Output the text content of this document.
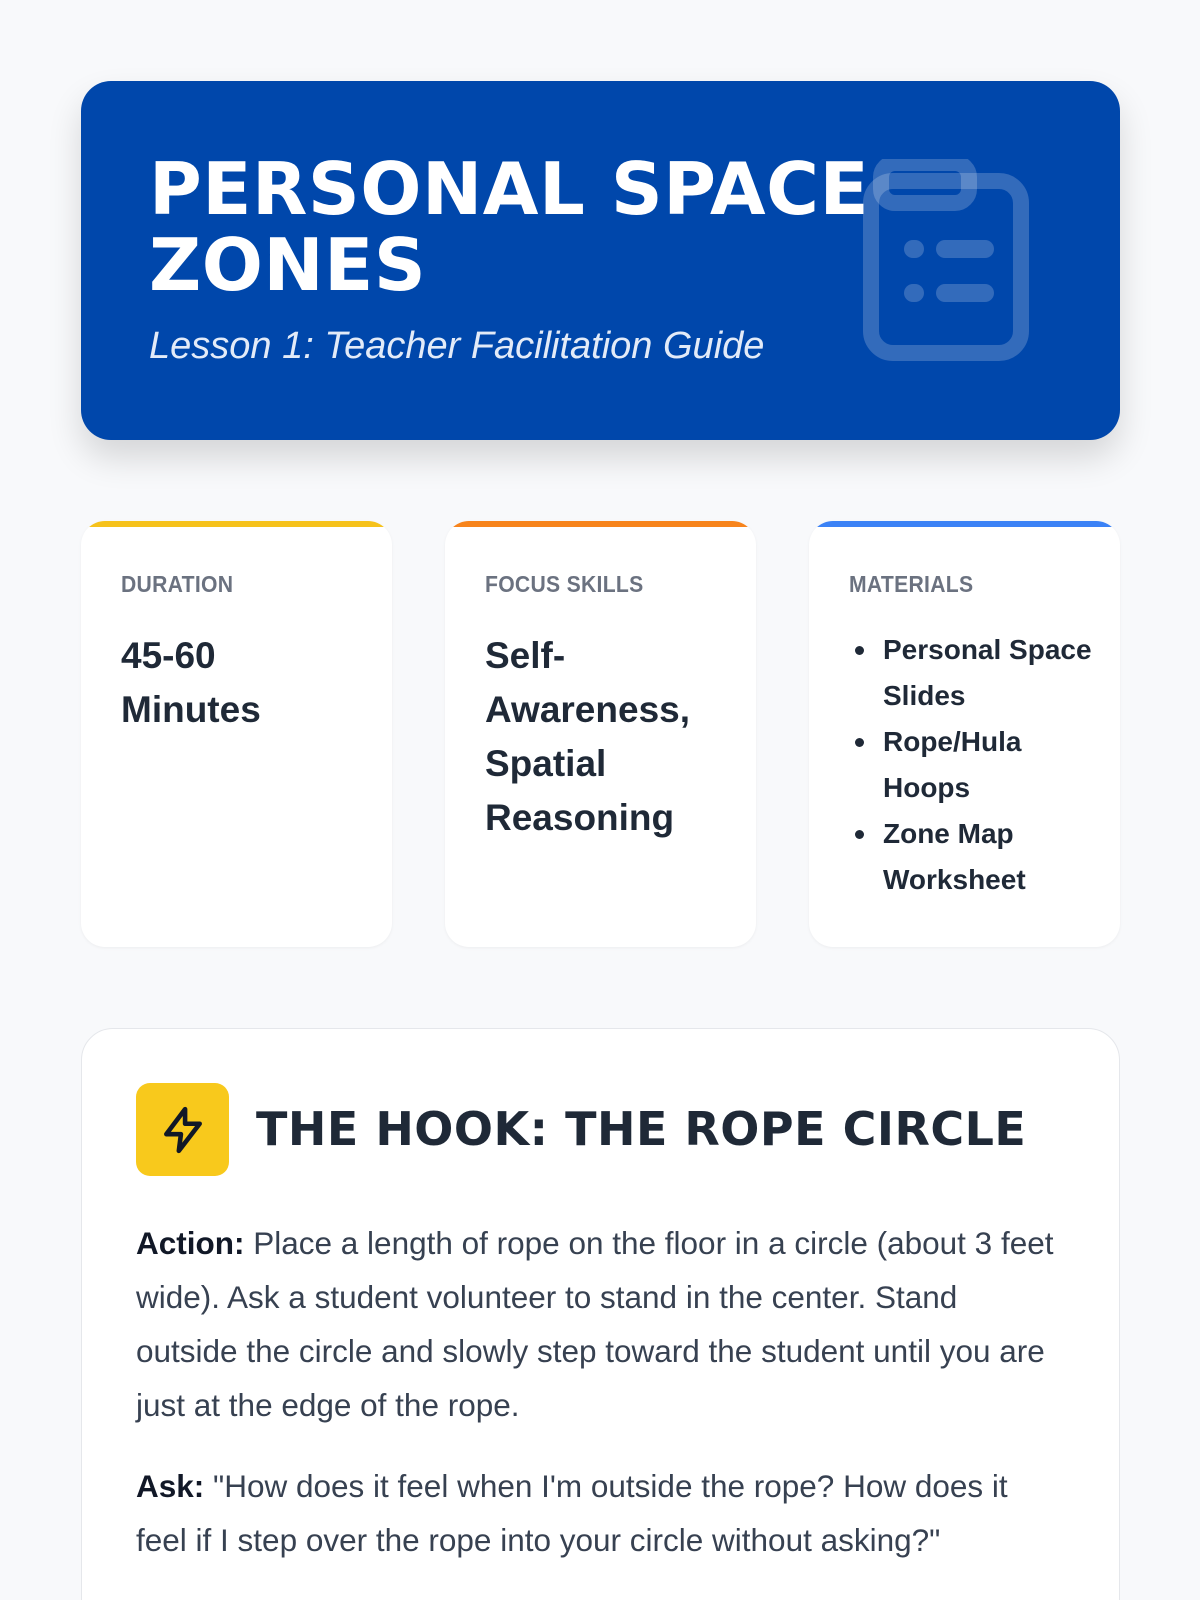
PERSONAL SPACE ZONES
Lesson 1: Teacher Facilitation Guide
DURATION
45-60 Minutes
FOCUS SKILLS
Self-Awareness, Spatial Reasoning
MATERIALS
Personal Space Slides
Rope/Hula Hoops
Zone Map Worksheet
THE HOOK: THE ROPE CIRCLE

Action: Place a length of rope on the floor in a circle (about 3 feet wide). Ask a student volunteer to stand in the center. Stand outside the circle and slowly step toward the student until you are just at the edge of the rope.

Ask: "How does it feel when I'm outside the rope? How does it feel if I step over the rope into your circle without asking?"
